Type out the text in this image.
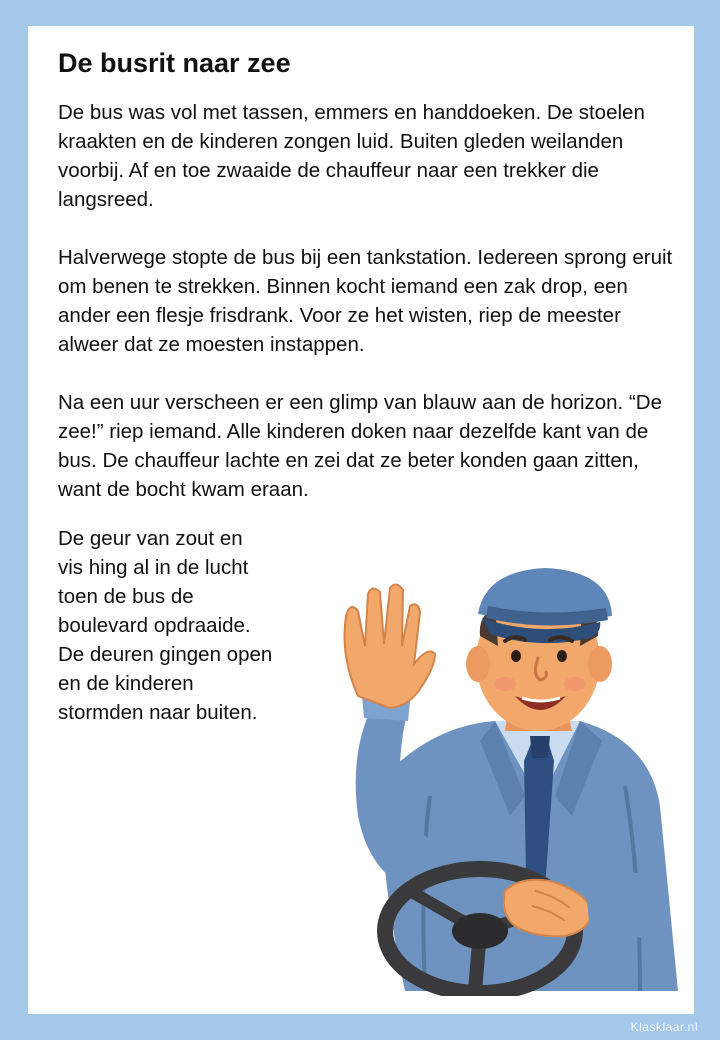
De busrit naar zee

De bus was vol met tassen, emmers en handdoeken. De stoelen kraakten en de kinderen zongen luid. Buiten gleden weilanden voorbij. Af en toe zwaaide de chauffeur naar een trekker die langsreed.

Halverwege stopte de bus bij een tankstation. Iedereen sprong eruit om benen te strekken. Binnen kocht iemand een zak drop, een ander een flesje frisdrank. Voor ze het wisten, riep de meester alweer dat ze moesten instappen.

Na een uur verscheen er een glimp van blauw aan de horizon. “De zee!” riep iemand. Alle kinderen doken naar dezelfde kant van de bus. De chauffeur lachte en zei dat ze beter konden gaan zitten, want de bocht kwam eraan.

De geur van zout en vis hing al in de lucht toen de bus de boulevard opdraaide. De deuren gingen open en de kinderen stormden naar buiten.

Klasklaar.nl
